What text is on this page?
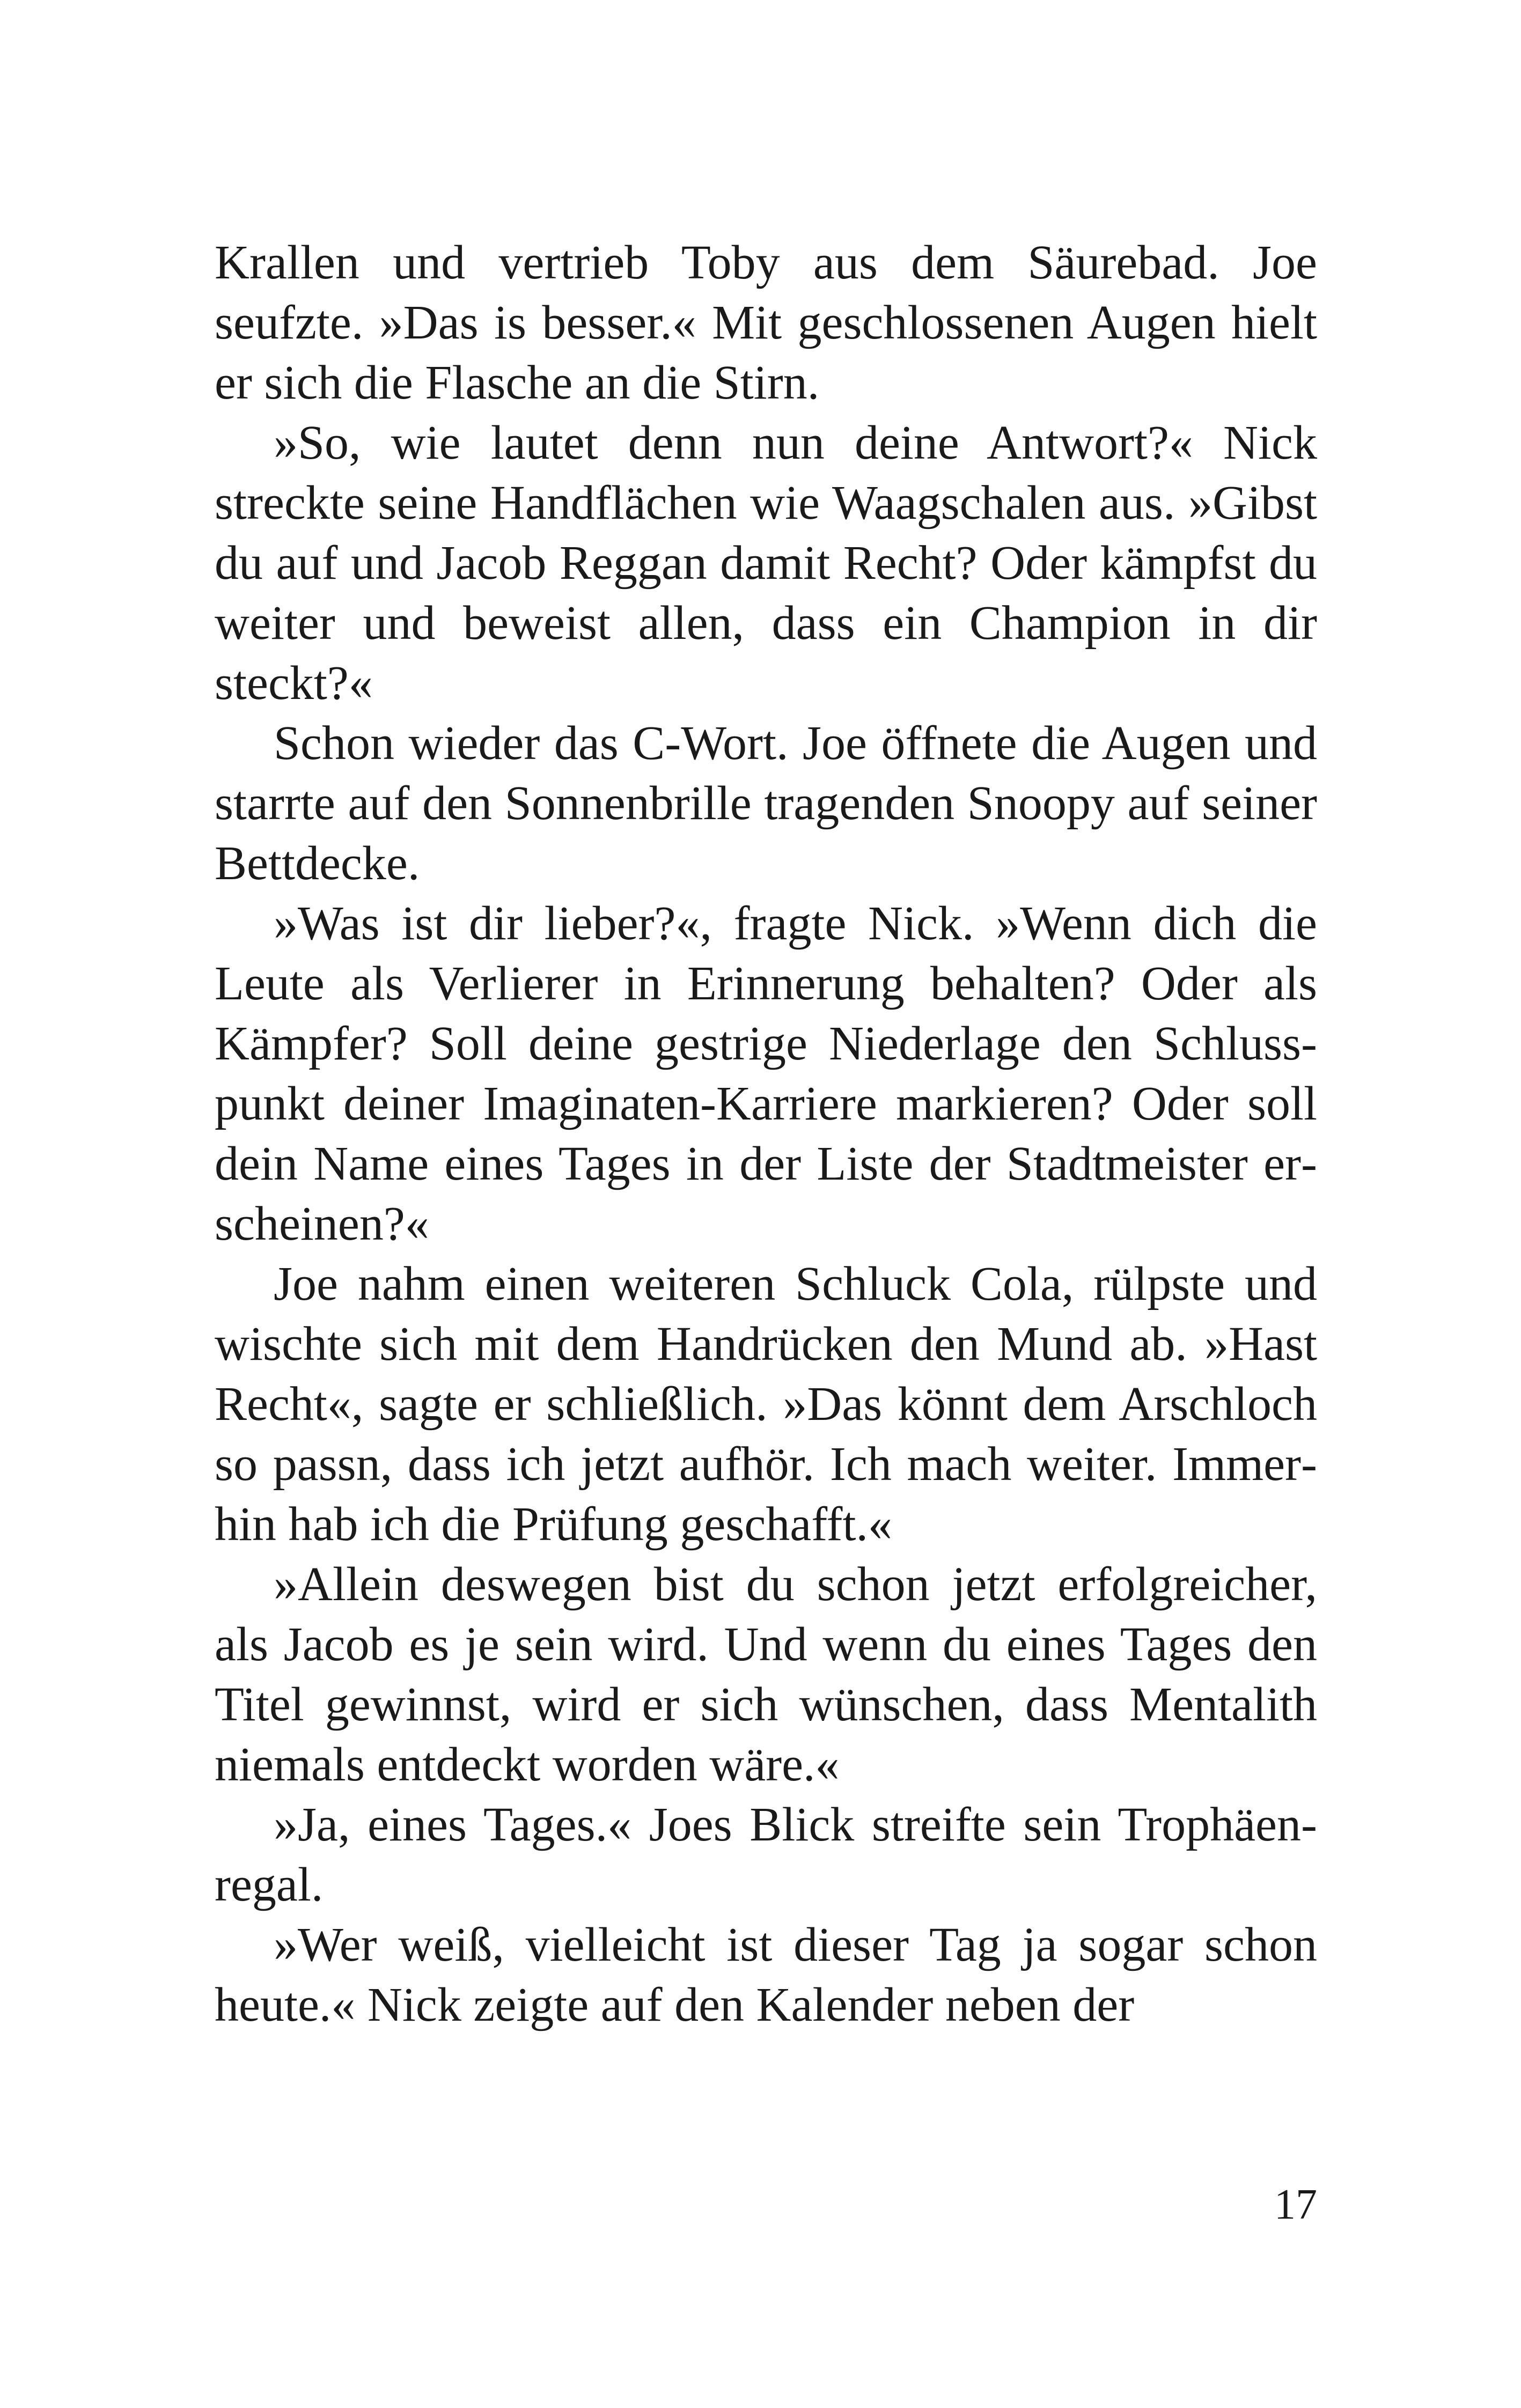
Krallen und vertrieb Toby aus dem Säurebad. Joe seufzte. »Das is besser.« Mit geschlossenen Augen hielt er sich die Flasche an die Stirn.

»So, wie lautet denn nun deine Antwort?« Nick streckte seine Handflächen wie Waagschalen aus. »Gibst du auf und Jacob Reggan damit Recht? Oder kämpfst du weiter und beweist allen, dass ein Champion in dir steckt?«

Schon wieder das C-Wort. Joe öffnete die Augen und starrte auf den Sonnenbrille tragenden Snoopy auf seiner Bettdecke.

»Was ist dir lieber?«, fragte Nick. »Wenn dich die Leute als Verlierer in Erinnerung behalten? Oder als Kämpfer? Soll deine gestrige Niederlage den Schlusspunkt deiner Imaginaten-Karriere markieren? Oder soll dein Name eines Tages in der Liste der Stadtmeister erscheinen?«

Joe nahm einen weiteren Schluck Cola, rülpste und wischte sich mit dem Handrücken den Mund ab. »Hast Recht«, sagte er schließlich. »Das könnt dem Arschloch so passn, dass ich jetzt aufhör. Ich mach weiter. Immerhin hab ich die Prüfung geschafft.«

»Allein deswegen bist du schon jetzt erfolgreicher, als Jacob es je sein wird. Und wenn du eines Tages den Titel gewinnst, wird er sich wünschen, dass Mentalith niemals entdeckt worden wäre.«

»Ja, eines Tages.« Joes Blick streifte sein Trophäenregal.

»Wer weiß, vielleicht ist dieser Tag ja sogar schon heute.« Nick zeigte auf den Kalender neben der

17
